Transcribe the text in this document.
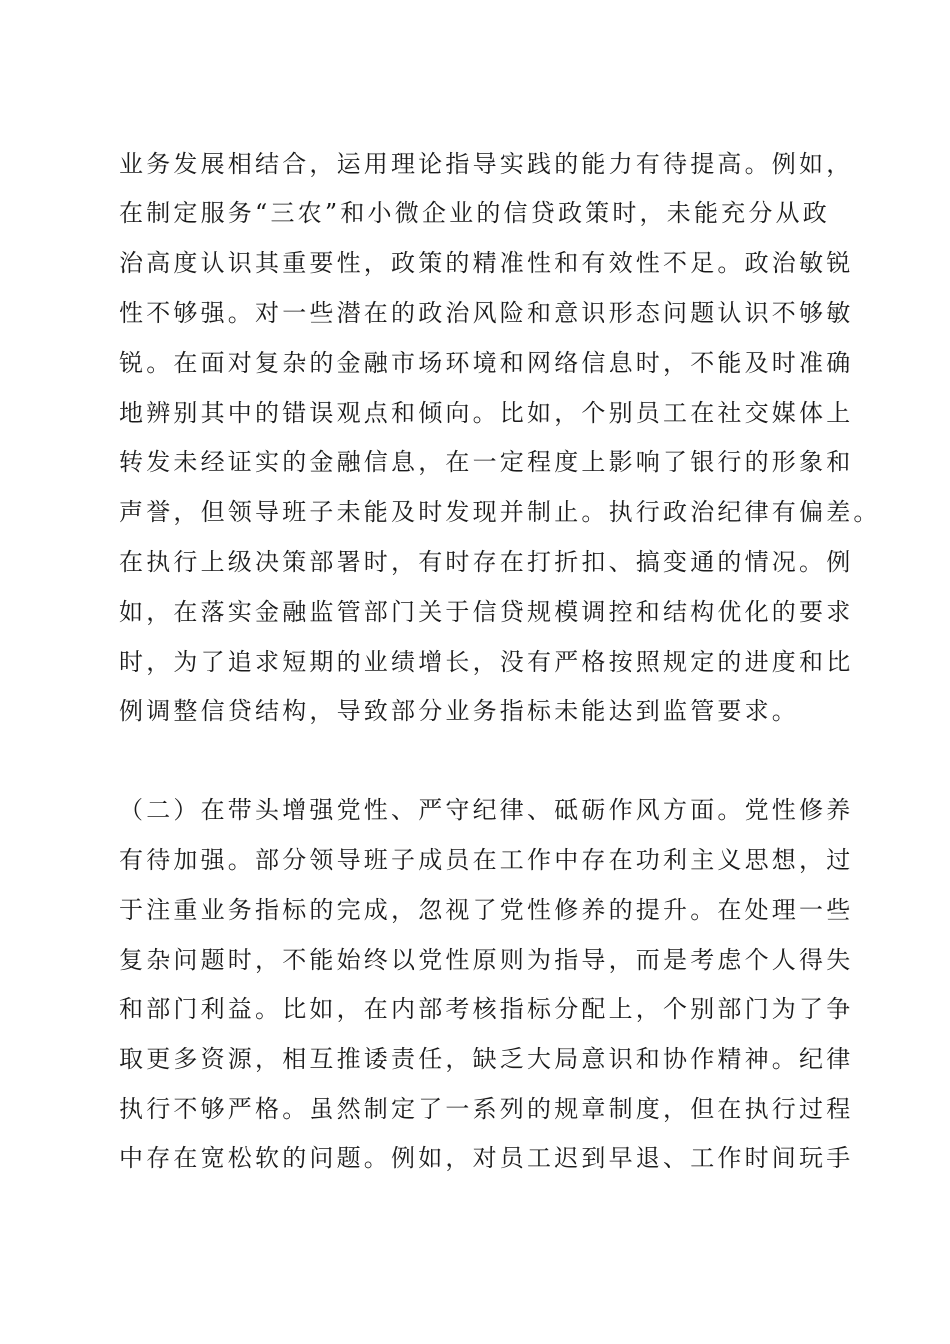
业务发展相结合，运用理论指导实践的能力有待提高。例如，
在制定服务“三农”和小微企业的信贷政策时，未能充分从政
治高度认识其重要性，政策的精准性和有效性不足。政治敏锐
性不够强。对一些潜在的政治风险和意识形态问题认识不够敏
锐。在面对复杂的金融市场环境和网络信息时，不能及时准确
地辨别其中的错误观点和倾向。比如，个别员工在社交媒体上
转发未经证实的金融信息，在一定程度上影响了银行的形象和
声誉，但领导班子未能及时发现并制止。执行政治纪律有偏差。
在执行上级决策部署时，有时存在打折扣、搞变通的情况。例
如，在落实金融监管部门关于信贷规模调控和结构优化的要求
时，为了追求短期的业绩增长，没有严格按照规定的进度和比
例调整信贷结构，导致部分业务指标未能达到监管要求。
（二）在带头增强党性、严守纪律、砥砺作风方面。党性修养
有待加强。部分领导班子成员在工作中存在功利主义思想，过
于注重业务指标的完成，忽视了党性修养的提升。在处理一些
复杂问题时，不能始终以党性原则为指导，而是考虑个人得失
和部门利益。比如，在内部考核指标分配上，个别部门为了争
取更多资源，相互推诿责任，缺乏大局意识和协作精神。纪律
执行不够严格。虽然制定了一系列的规章制度，但在执行过程
中存在宽松软的问题。例如，对员工迟到早退、工作时间玩手
